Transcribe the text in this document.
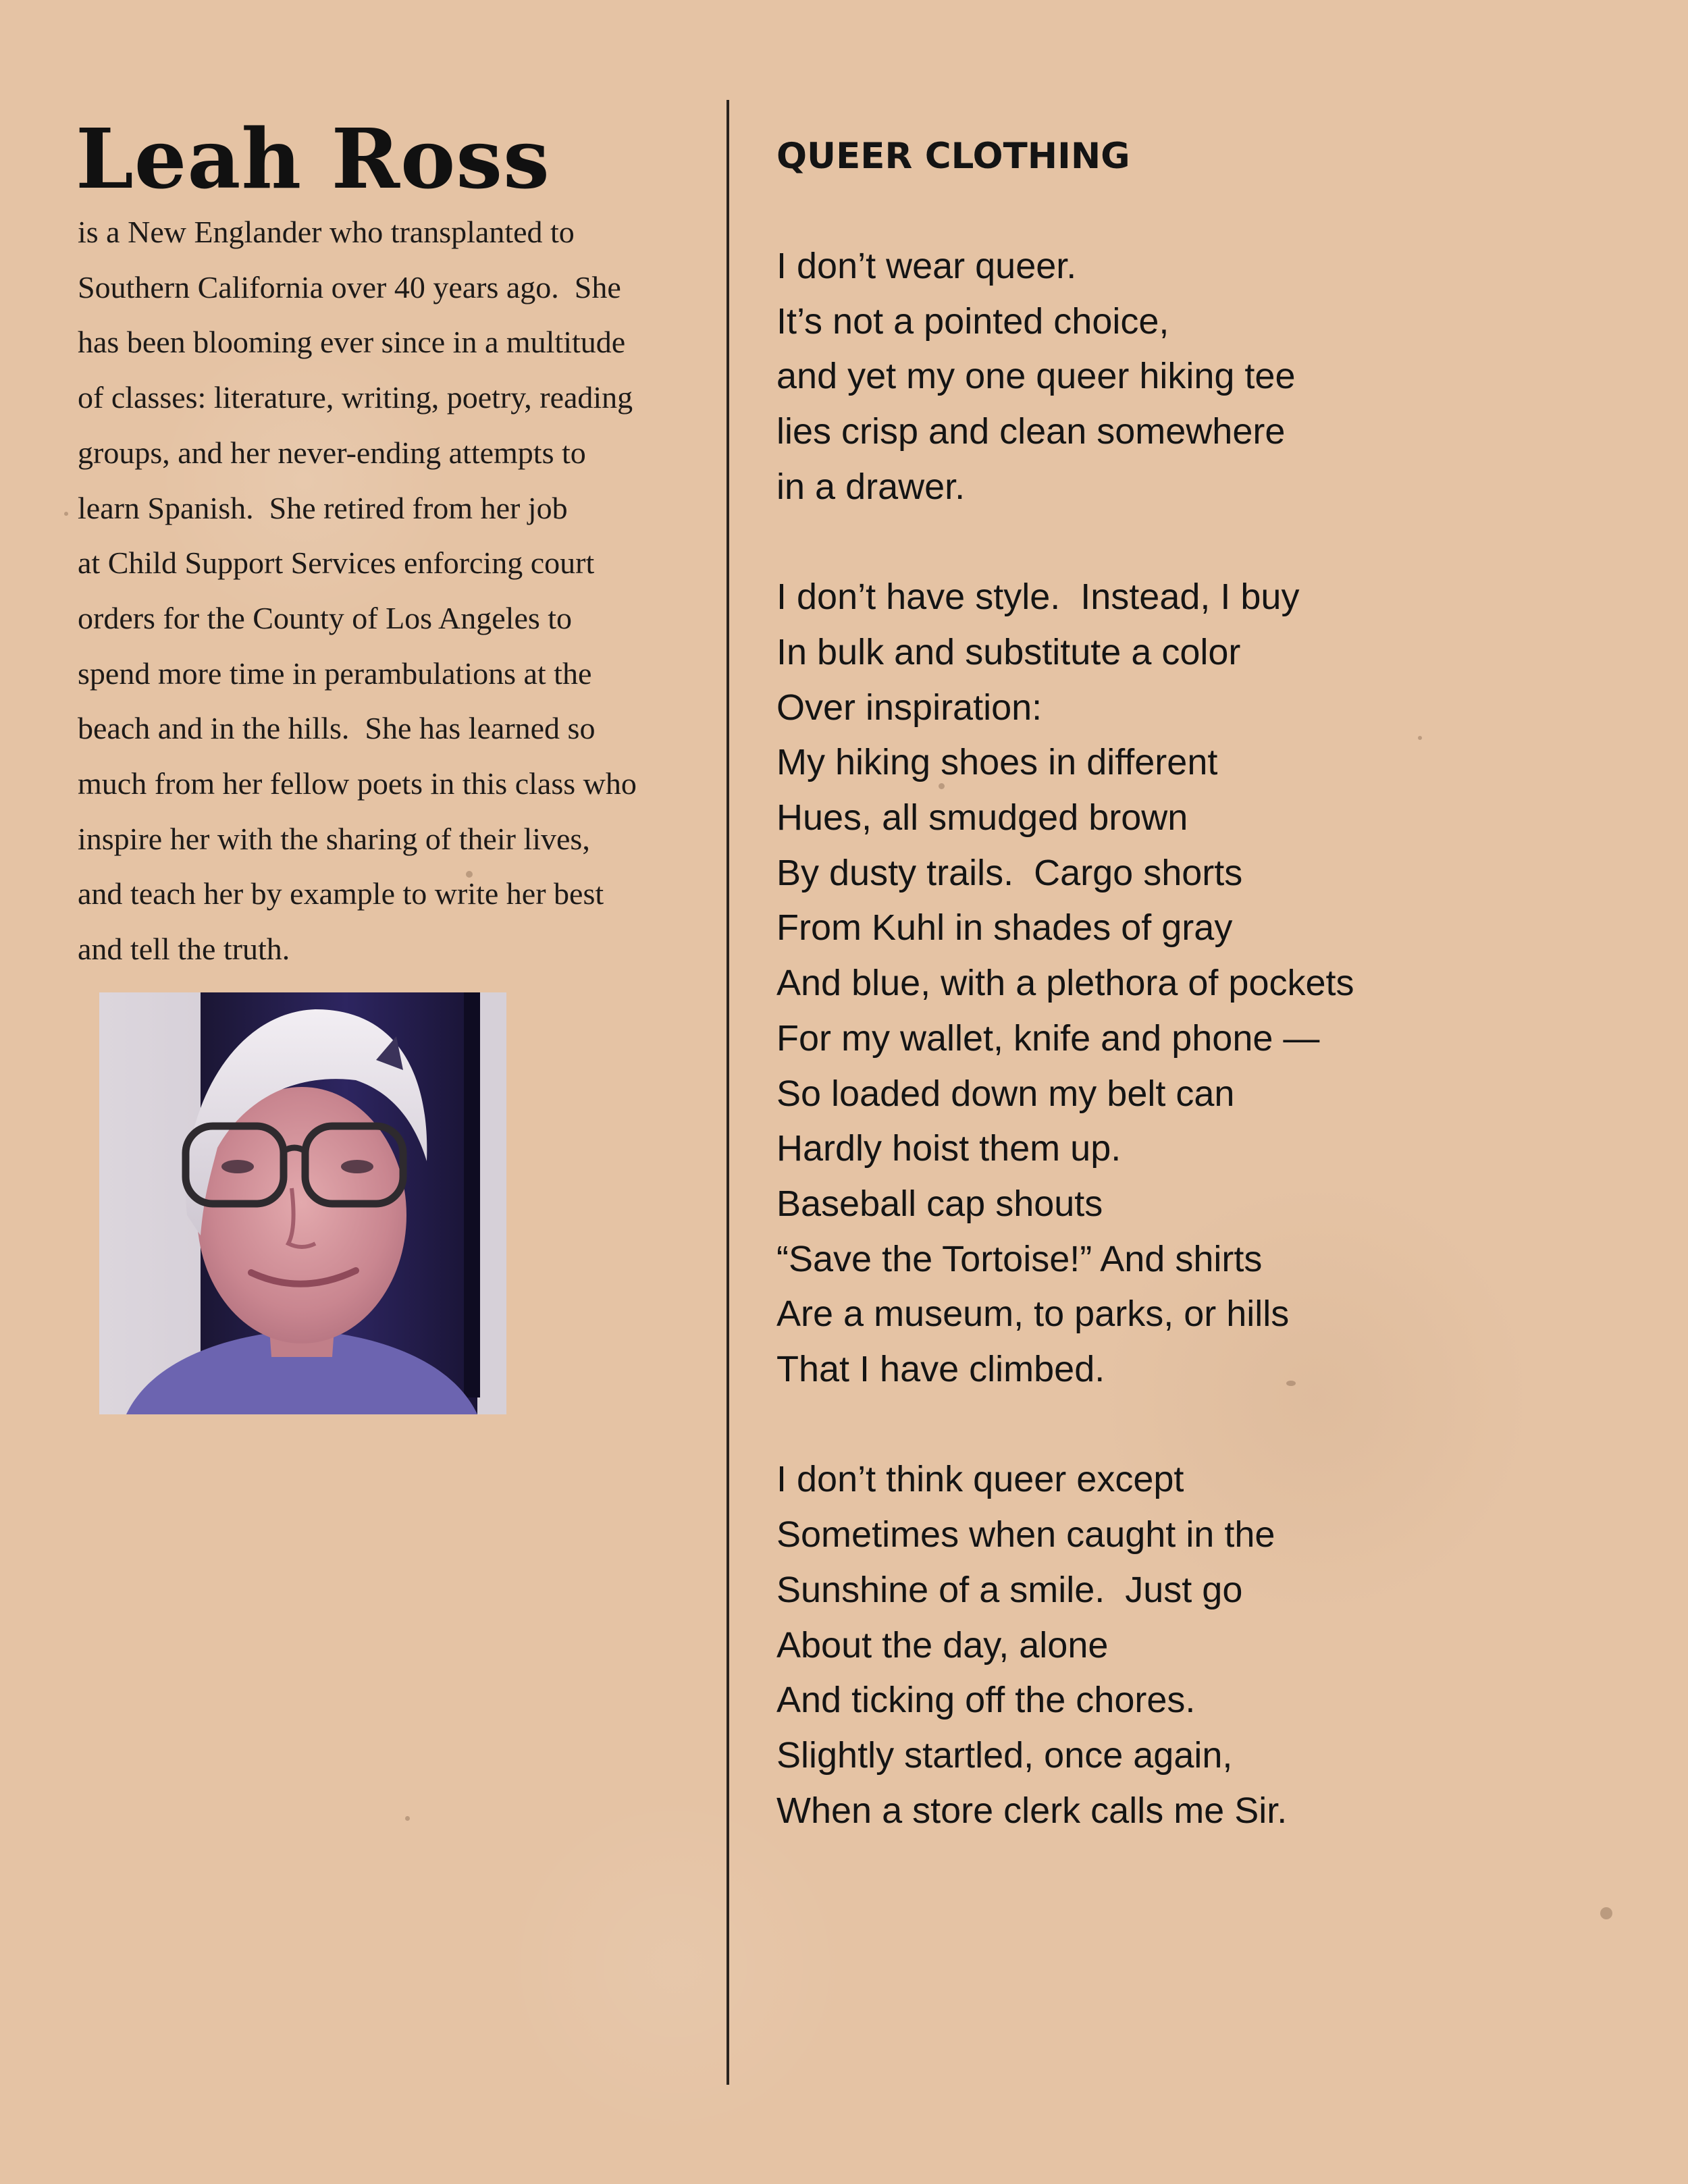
Leah Ross
is a New Englander who transplanted to
Southern California over 40 years ago.  She
has been blooming ever since in a multitude
of classes: literature, writing, poetry, reading
groups, and her never-ending attempts to
learn Spanish.  She retired from her job
at Child Support Services enforcing court
orders for the County of Los Angeles to
spend more time in perambulations at the
beach and in the hills.  She has learned so
much from her fellow poets in this class who
inspire her with the sharing of their lives,
and teach her by example to write her best
and tell the truth.
QUEER CLOTHING
I don’t wear queer.
It’s not a pointed choice,
and yet my one queer hiking tee
lies crisp and clean somewhere
in a drawer.
I don’t have style.  Instead, I buy
In bulk and substitute a color
Over inspiration:
My hiking shoes in different
Hues, all smudged brown
By dusty trails.  Cargo shorts
From Kuhl in shades of gray
And blue, with a plethora of pockets
For my wallet, knife and phone —
So loaded down my belt can
Hardly hoist them up.
Baseball cap shouts
“Save the Tortoise!” And shirts
Are a museum, to parks, or hills
That I have climbed.
I don’t think queer except
Sometimes when caught in the
Sunshine of a smile.  Just go
About the day, alone
And ticking off the chores.
Slightly startled, once again,
When a store clerk calls me Sir.
